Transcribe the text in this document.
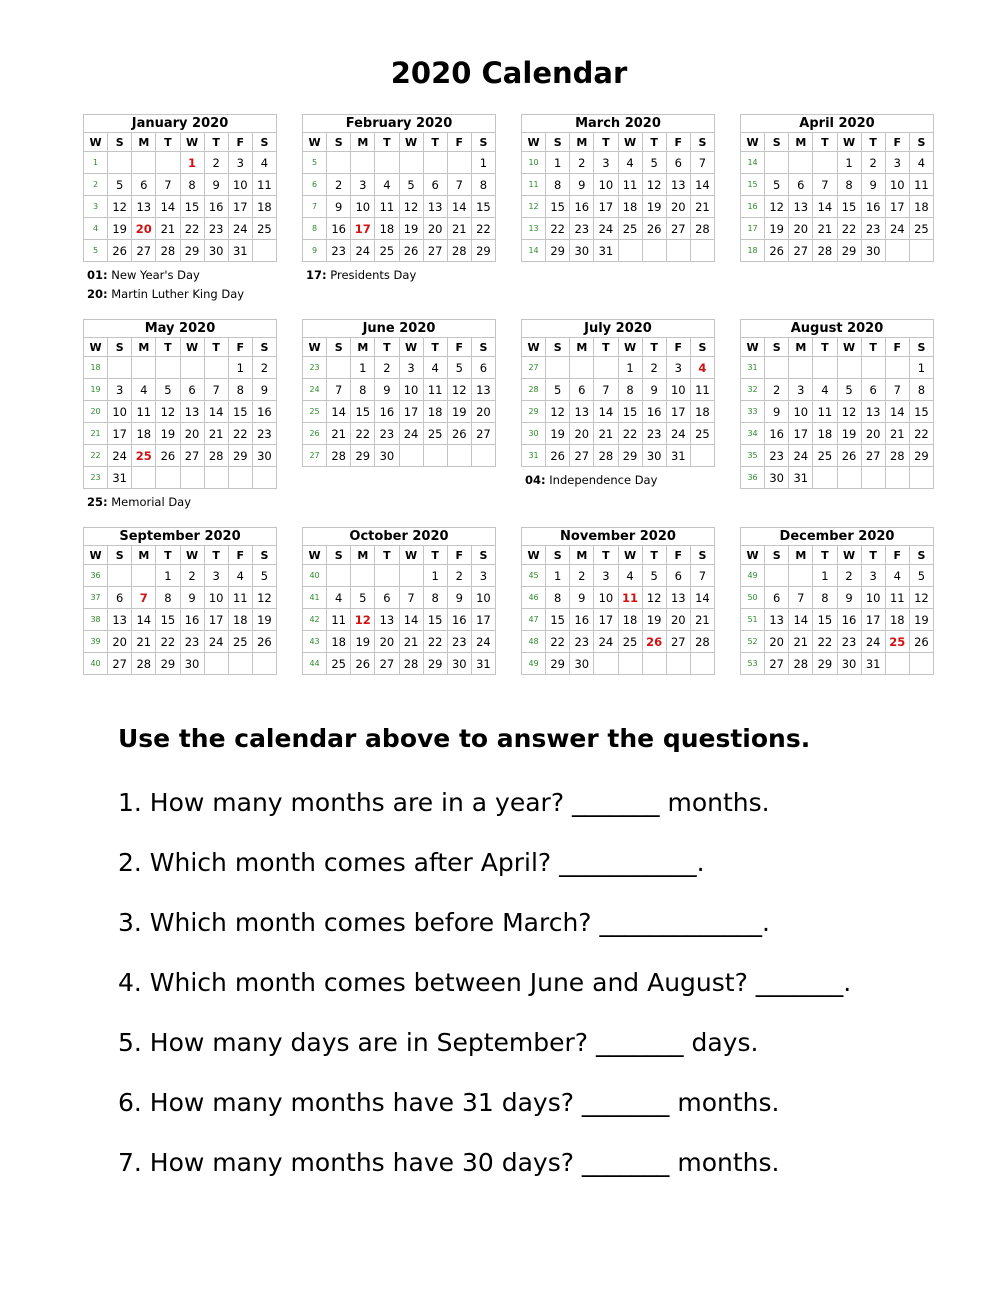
2020 Calendar
January 2020							
W	S	M	T	W	T	F	S
1				1	2	3	4
2	5	6	7	8	9	10	11
3	12	13	14	15	16	17	18
4	19	20	21	22	23	24	25
5	26	27	28	29	30	31	
01: New Year's Day
20: Martin Luther King Day
February 2020							
W	S	M	T	W	T	F	S
5							1
6	2	3	4	5	6	7	8
7	9	10	11	12	13	14	15
8	16	17	18	19	20	21	22
9	23	24	25	26	27	28	29
17: Presidents Day
March 2020							
W	S	M	T	W	T	F	S
10	1	2	3	4	5	6	7
11	8	9	10	11	12	13	14
12	15	16	17	18	19	20	21
13	22	23	24	25	26	27	28
14	29	30	31				
April 2020							
W	S	M	T	W	T	F	S
14				1	2	3	4
15	5	6	7	8	9	10	11
16	12	13	14	15	16	17	18
17	19	20	21	22	23	24	25
18	26	27	28	29	30		
May 2020							
W	S	M	T	W	T	F	S
18						1	2
19	3	4	5	6	7	8	9
20	10	11	12	13	14	15	16
21	17	18	19	20	21	22	23
22	24	25	26	27	28	29	30
23	31						
25: Memorial Day
June 2020							
W	S	M	T	W	T	F	S
23		1	2	3	4	5	6
24	7	8	9	10	11	12	13
25	14	15	16	17	18	19	20
26	21	22	23	24	25	26	27
27	28	29	30				
July 2020							
W	S	M	T	W	T	F	S
27				1	2	3	4
28	5	6	7	8	9	10	11
29	12	13	14	15	16	17	18
30	19	20	21	22	23	24	25
31	26	27	28	29	30	31	
04: Independence Day
August 2020							
W	S	M	T	W	T	F	S
31							1
32	2	3	4	5	6	7	8
33	9	10	11	12	13	14	15
34	16	17	18	19	20	21	22
35	23	24	25	26	27	28	29
36	30	31					
September 2020							
W	S	M	T	W	T	F	S
36			1	2	3	4	5
37	6	7	8	9	10	11	12
38	13	14	15	16	17	18	19
39	20	21	22	23	24	25	26
40	27	28	29	30			
October 2020							
W	S	M	T	W	T	F	S
40					1	2	3
41	4	5	6	7	8	9	10
42	11	12	13	14	15	16	17
43	18	19	20	21	22	23	24
44	25	26	27	28	29	30	31
November 2020							
W	S	M	T	W	T	F	S
45	1	2	3	4	5	6	7
46	8	9	10	11	12	13	14
47	15	16	17	18	19	20	21
48	22	23	24	25	26	27	28
49	29	30					
December 2020							
W	S	M	T	W	T	F	S
49			1	2	3	4	5
50	6	7	8	9	10	11	12
51	13	14	15	16	17	18	19
52	20	21	22	23	24	25	26
53	27	28	29	30	31		
Use the calendar above to answer the questions.
1. How many months are in a year? _______ months.
2. Which month comes after April? ___________.
3. Which month comes before March? _____________.
4. Which month comes between June and August? _______.
5. How many days are in September? _______ days.
6. How many months have 31 days? _______ months.
7. How many months have 30 days? _______ months.
